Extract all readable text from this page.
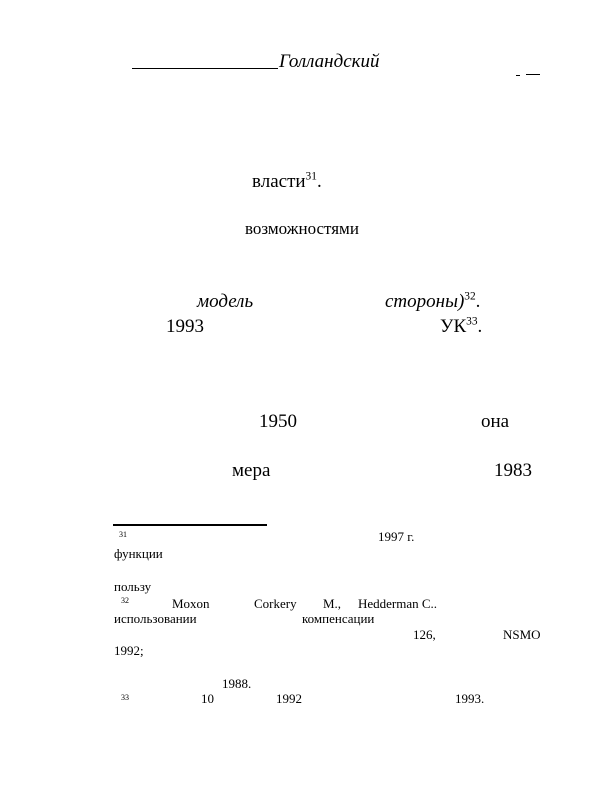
Голландский
власти$^{31}$.
возможностями
модель	стороны)$^{32}$.
1993	УК$^{33}$.
1950	она
мера	1983
31	1997 г.
функции
пользу
32	Moxon	Corkery M., Hedderman C..
использовании	компенсации
126,	NSMO
1992;
1988.
33	10	1992	1993.
